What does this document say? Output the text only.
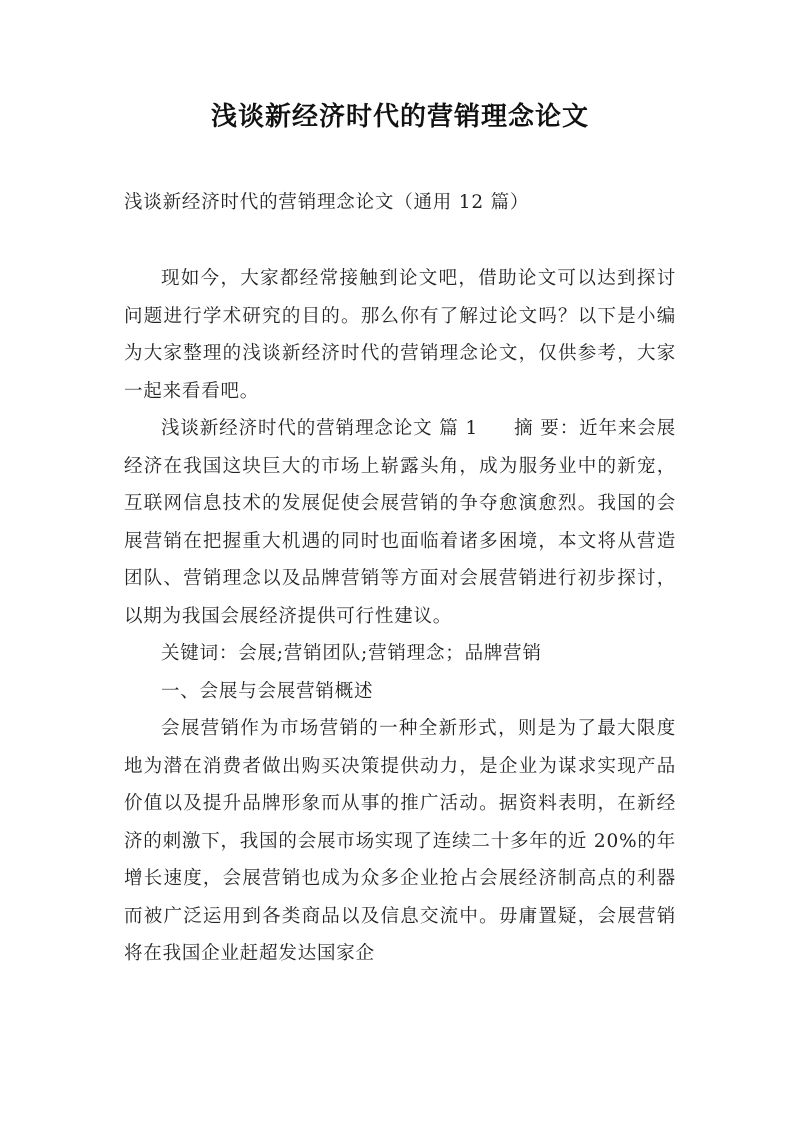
浅谈新经济时代的营销理念论文

浅谈新经济时代的营销理念论文（通用 12 篇）

现如今，大家都经常接触到论文吧，借助论文可以达到探讨问题进行学术研究的目的。那么你有了解过论文吗？以下是小编为大家整理的浅谈新经济时代的营销理念论文，仅供参考，大家一起来看看吧。

浅谈新经济时代的营销理念论文 篇 1 摘 要：近年来会展经济在我国这块巨大的市场上崭露头角，成为服务业中的新宠，互联网信息技术的发展促使会展营销的争夺愈演愈烈。我国的会展营销在把握重大机遇的同时也面临着诸多困境，本文将从营造团队、营销理念以及品牌营销等方面对会展营销进行初步探讨，以期为我国会展经济提供可行性建议。

关键词：会展;营销团队;营销理念；品牌营销

一、会展与会展营销概述

会展营销作为市场营销的一种全新形式，则是为了最大限度地为潜在消费者做出购买决策提供动力，是企业为谋求实现产品价值以及提升品牌形象而从事的推广活动。据资料表明，在新经济的刺激下，我国的会展市场实现了连续二十多年的近 20%的年增长速度，会展营销也成为众多企业抢占会展经济制高点的利器而被广泛运用到各类商品以及信息交流中。毋庸置疑，会展营销将在我国企业赶超发达国家企
